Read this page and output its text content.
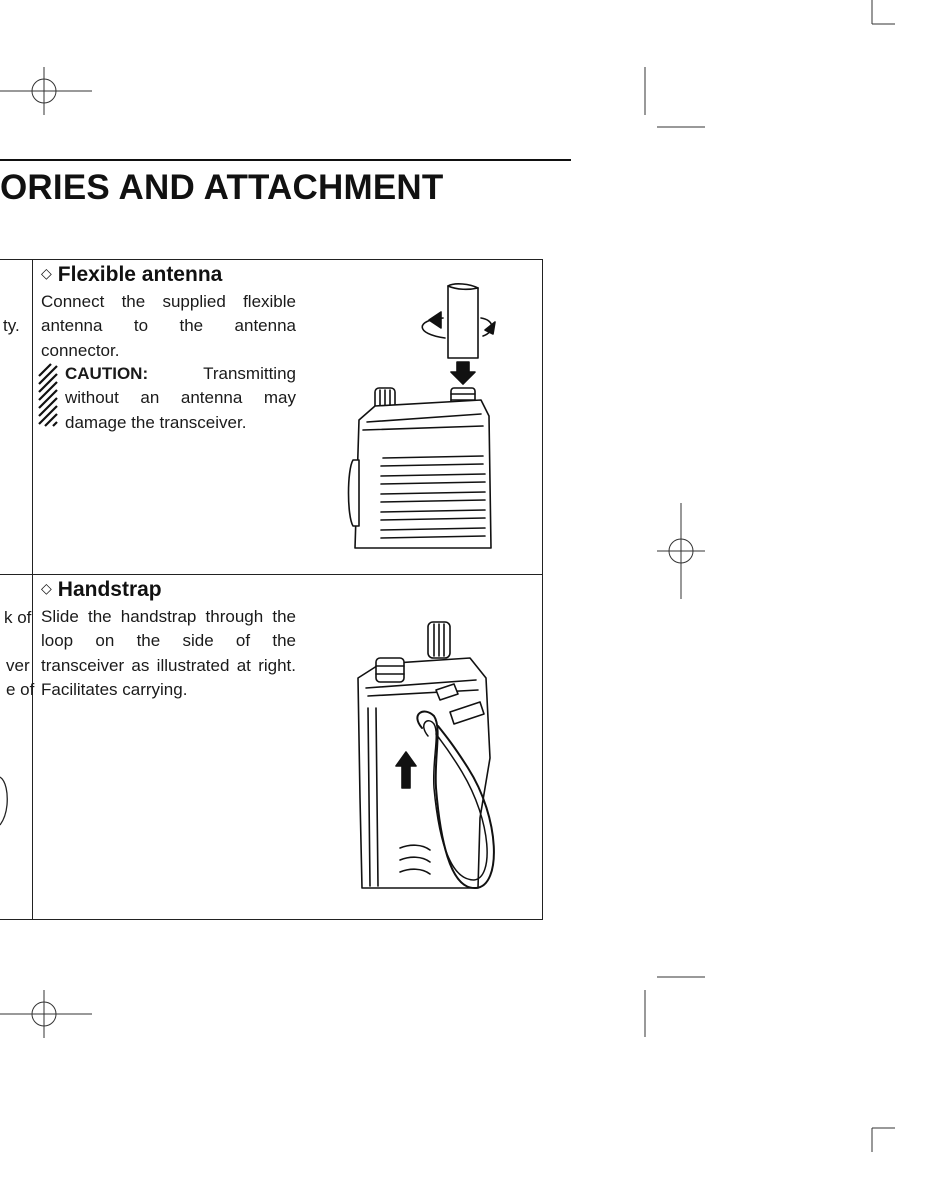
ORIES AND ATTACHMENT
ty.
k of
ver
e of
◇ Flexible antenna
Connect the supplied flexible antenna to the antenna connector.
CAUTION:	Transmitting without an antenna may damage the transceiver.
◇ Handstrap
Slide the handstrap through the loop on the side of the transceiver as illustrated at right. Facilitates carrying.
